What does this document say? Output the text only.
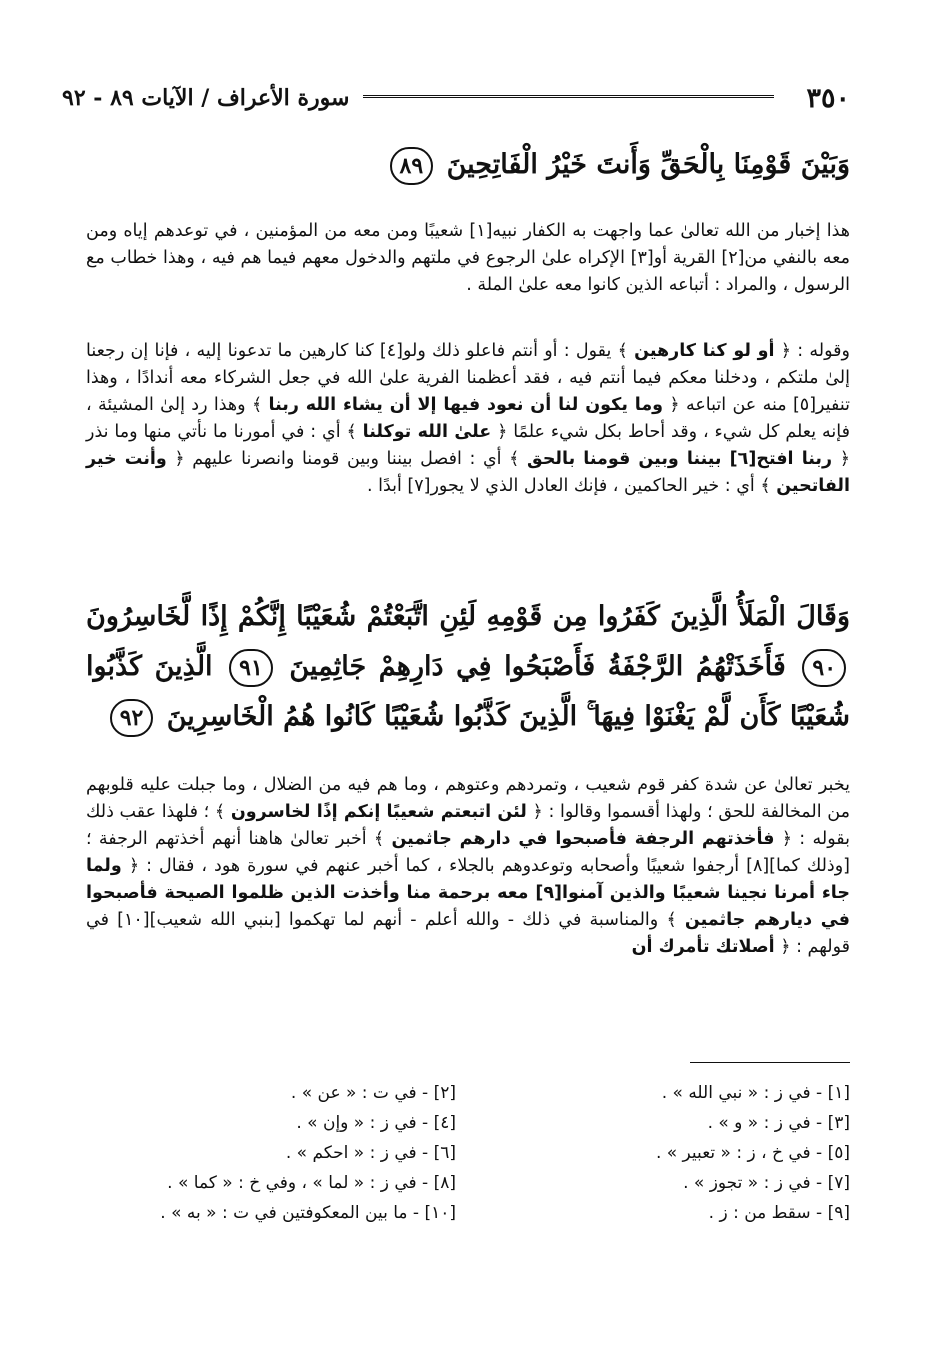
٣٥٠
سورة الأعراف / الآيات ٨٩ - ٩٢
وَبَيْنَ قَوْمِنَا بِالْحَقِّ وَأَنتَ خَيْرُ الْفَاتِحِينَ ٨٩
هذا إخبار من الله تعالىٰ عما واجهت به الكفار نبيه[١] شعيبًا ومن معه من المؤمنين ، في توعدهم إياه ومن معه بالنفي من[٢] القرية أو[٣] الإكراه علىٰ الرجوع في ملتهم والدخول معهم فيما هم فيه ، وهذا خطاب مع الرسول ، والمراد : أتباعه الذين كانوا معه علىٰ الملة .
وقوله : ﴿ أو لو كنا كارهين ﴾ يقول : أو أنتم فاعلو ذلك ولو[٤] كنا كارهين ما تدعونا إليه ، فإنا إن رجعنا إلىٰ ملتكم ، ودخلنا معكم فيما أنتم فيه ، فقد أعظمنا الفرية علىٰ الله في جعل الشركاء معه أندادًا ، وهذا تنفير[٥] منه عن اتباعه ﴿ وما يكون لنا أن نعود فيها إلا أن يشاء الله ربنا ﴾ وهذا رد إلىٰ المشيئة ، فإنه يعلم كل شيء ، وقد أحاط بكل شيء علمًا ﴿ علىٰ الله توكلنا ﴾ أي : في أمورنا ما نأتي منها وما نذر ﴿ ربنا افتح[٦] بيننا وبين قومنا بالحق ﴾ أي : افصل بيننا وبين قومنا وانصرنا عليهم ﴿ وأنت خير الفاتحين ﴾ أي : خير الحاكمين ، فإنك العادل الذي لا يجور[٧] أبدًا .
وَقَالَ الْمَلَأُ الَّذِينَ كَفَرُوا مِن قَوْمِهِ لَئِنِ اتَّبَعْتُمْ شُعَيْبًا إِنَّكُمْ إِذًا لَّخَاسِرُونَ ٩٠ فَأَخَذَتْهُمُ الرَّجْفَةُ فَأَصْبَحُوا فِي دَارِهِمْ جَاثِمِينَ ٩١ الَّذِينَ كَذَّبُوا شُعَيْبًا كَأَن لَّمْ يَغْنَوْا فِيهَا ۚ الَّذِينَ كَذَّبُوا شُعَيْبًا كَانُوا هُمُ الْخَاسِرِينَ ٩٢
يخبر تعالىٰ عن شدة كفر قوم شعيب ، وتمردهم وعتوهم ، وما هم فيه من الضلال ، وما جبلت عليه قلوبهم من المخالفة للحق ؛ ولهذا أقسموا وقالوا : ﴿ لئن اتبعتم شعيبًا إنكم إذًا لخاسرون ﴾ ؛ فلهذا عقب ذلك بقوله : ﴿ فأخذتهم الرجفة فأصبحوا في دارهم جاثمين ﴾ أخبر تعالىٰ هاهنا أنهم أخذتهم الرجفة ؛ [وذلك كما][٨] أرجفوا شعيبًا وأصحابه وتوعدوهم بالجلاء ، كما أخبر عنهم في سورة هود ، فقال : ﴿ ولما جاء أمرنا نجينا شعيبًا والذين آمنوا[٩] معه برحمة منا وأخذت الذين ظلموا الصيحة فأصبحوا في ديارهم جاثمين ﴾ والمناسبة في ذلك - والله أعلم - أنهم لما تهكموا [بنبي الله شعيب][١٠] في قولهم : ﴿ أصلاتك تأمرك أن
[١] - في ز : « نبي الله » .
[٣] - في ز : « و » .
[٥] - في خ ، ز : « تعبير » .
[٧] - في ز : « تجوز » .
[٩] - سقط من : ز .
[٢] - في ت : « عن » .
[٤] - في ز : « وإن » .
[٦] - في ز : « احكم » .
[٨] - في ز : « لما » ، وفي خ : « كما » .
[١٠] - ما بين المعكوفتين في ت : « به » .
